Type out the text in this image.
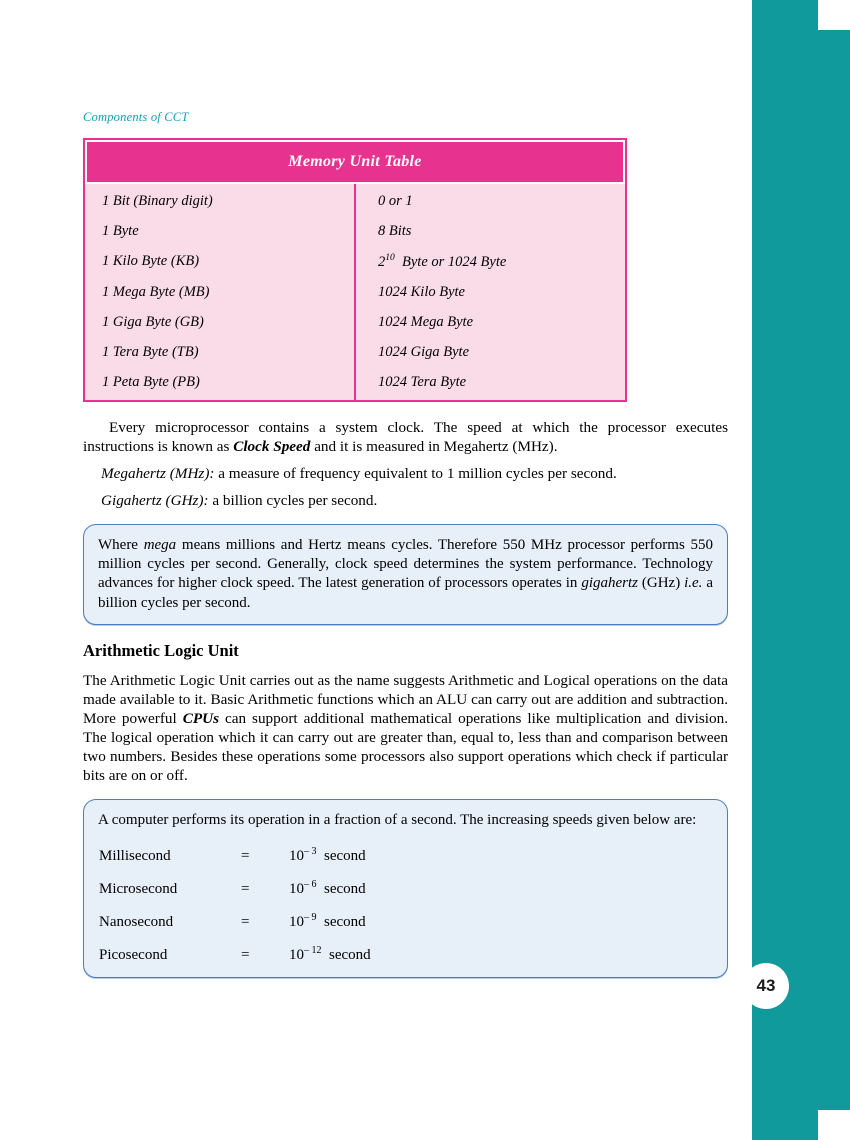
43
Components of CCT
Memory Unit Table
1 Bit (Binary digit)	0 or 1
1 Byte	8 Bits
1 Kilo Byte (KB)	$2^{10}$ Byte or 1024 Byte
1 Mega Byte (MB)	1024 Kilo Byte
1 Giga Byte (GB)	1024 Mega Byte
1 Tera Byte (TB)	1024 Giga Byte
1 Peta Byte (PB)	1024 Tera Byte

Every microprocessor contains a system clock. The speed at which the processor executes instructions is known as Clock Speed and it is measured in Megahertz (MHz).

Megahertz (MHz): a measure of frequency equivalent to 1 million cycles per second.

Gigahertz (GHz): a billion cycles per second.

Where mega means millions and Hertz means cycles. Therefore 550 MHz processor performs 550 million cycles per second. Generally, clock speed determines the system performance. Technology advances for higher clock speed. The latest generation of processors operates in gigahertz (GHz) i.e. a billion cycles per second.

Arithmetic Logic Unit

The Arithmetic Logic Unit carries out as the name suggests Arithmetic and Logical operations on the data made available to it. Basic Arithmetic functions which an ALU can carry out are addition and subtraction. More powerful CPUs can support additional mathematical operations like multiplication and division. The logical operation which it can carry out are greater than, equal to, less than and comparison between two numbers. Besides these operations some processors also support operations which check if particular bits are on or off.

A computer performs its operation in a fraction of a second. The increasing speeds given below are:

Millisecond	=	$10^{- 3}$ second
Microsecond	=	$10^{- 6}$ second
Nanosecond	=	$10^{- 9}$ second
Picosecond	=	$10^{- 12}$ second
